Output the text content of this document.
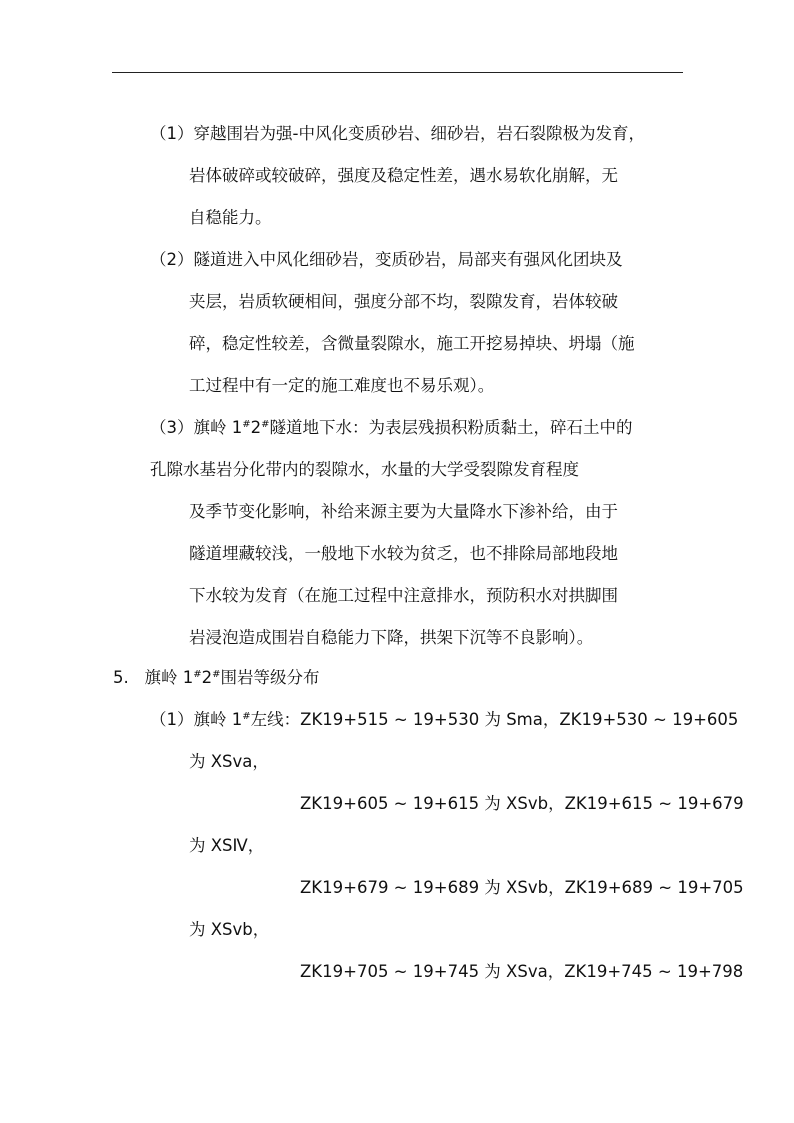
（1）穿越围岩为强-中风化变质砂岩、细砂岩，岩石裂隙极为发育，
岩体破碎或较破碎，强度及稳定性差，遇水易软化崩解，无
自稳能力。
（2）隧道进入中风化细砂岩，变质砂岩，局部夹有强风化团块及
夹层，岩质软硬相间，强度分部不均，裂隙发育，岩体较破
碎，稳定性较差，含微量裂隙水，施工开挖易掉块、坍塌（施
工过程中有一定的施工难度也不易乐观）。
（3）旗岭 1#2#隧道地下水：为表层残损积粉质黏土，碎石土中的
孔隙水基岩分化带内的裂隙水，水量的大学受裂隙发育程度
及季节变化影响，补给来源主要为大量降水下渗补给，由于
隧道埋藏较浅，一般地下水较为贫乏，也不排除局部地段地
下水较为发育（在施工过程中注意排水，预防积水对拱脚围
岩浸泡造成围岩自稳能力下降，拱架下沉等不良影响）。
5. 旗岭 1#2#围岩等级分布
（1）旗岭 1#左线：ZK19+515 ~ 19+530 为 Sma，ZK19+530 ~ 19+605
为 XSva，
ZK19+605 ~ 19+615 为 XSvb，ZK19+615 ~ 19+679
为 XSⅣ，
ZK19+679 ~ 19+689 为 XSvb，ZK19+689 ~ 19+705
为 XSvb，
ZK19+705 ~ 19+745 为 XSva，ZK19+745 ~ 19+798
